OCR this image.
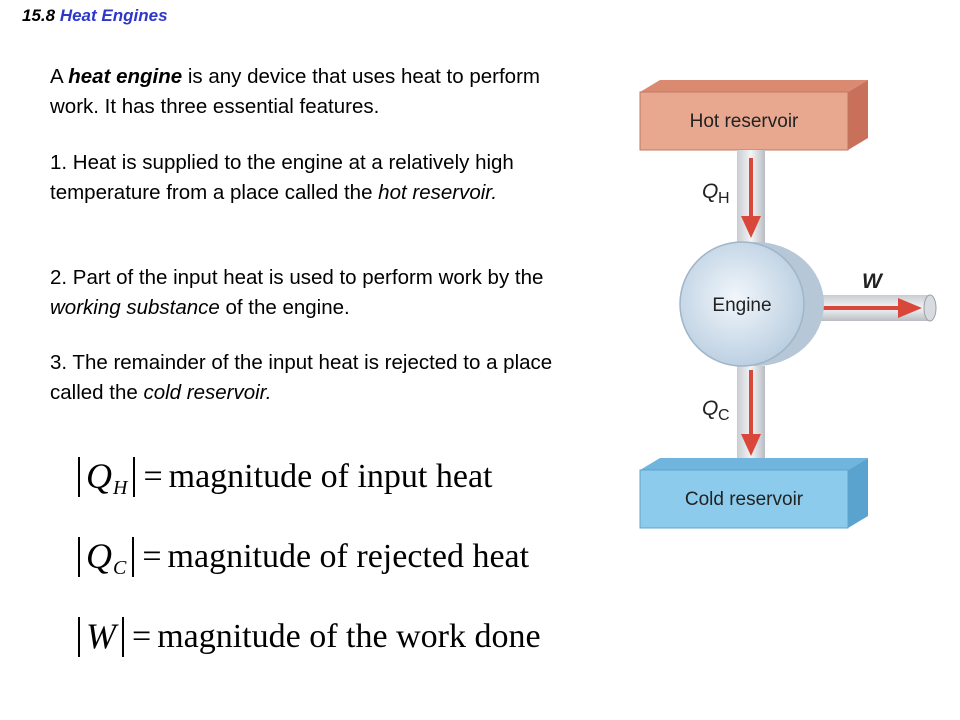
15.8 Heat Engines
A heat engine is any device that uses heat to perform work. It has three essential features.
1. Heat is supplied to the engine at a relatively high temperature from a place called the hot reservoir.
2. Part of the input heat is used to perform work by the working substance of the engine.
3. The remainder of the input heat is rejected to a place called the cold reservoir.
Q H = magnitude of input heat
Q C = magnitude of rejected heat
W = magnitude of the work done
Hot reservoir
Q H
Q C
W
Engine
Cold reservoir
